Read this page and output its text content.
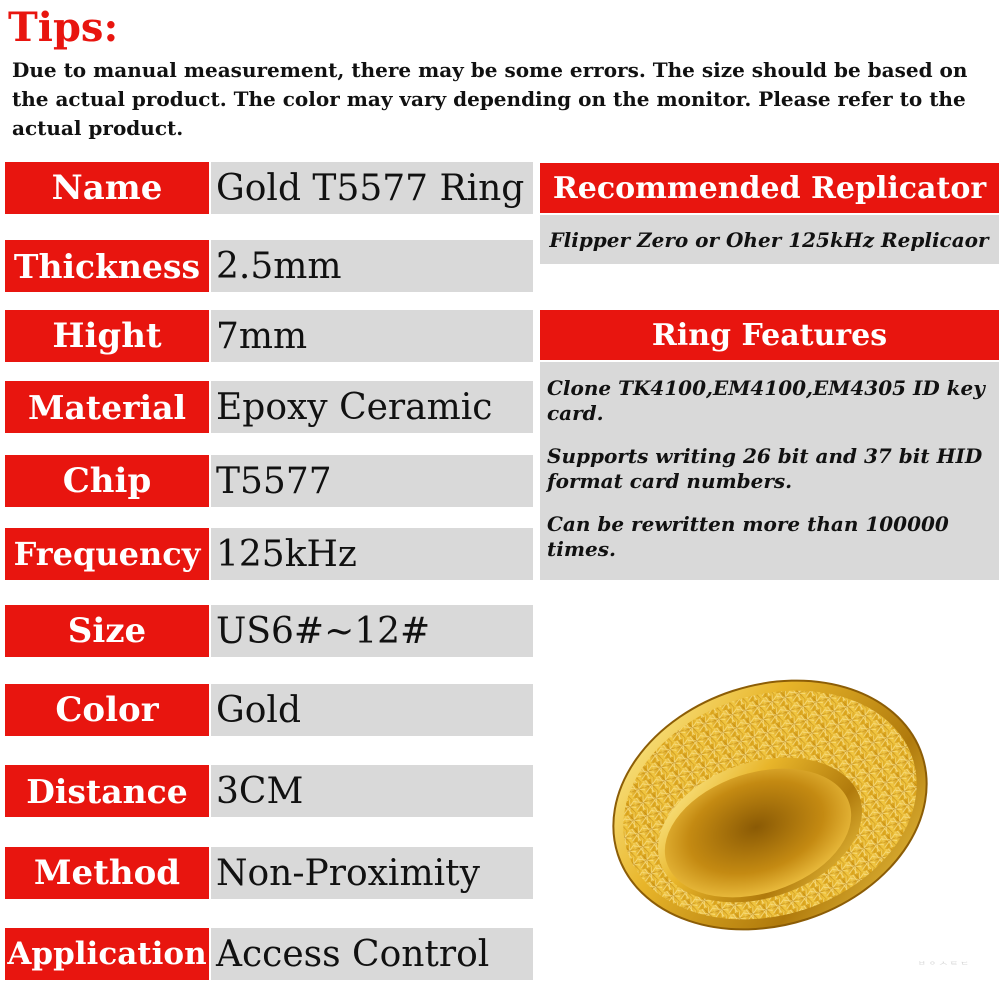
Tips:
Due to manual measurement, there may be some errors. The size should be based on the actual product. The color may vary depending on the monitor. Please refer to the actual product.
Name	Gold T5577 Ring
Thickness 2.5mm
Hight	7mm
Material Epoxy Ceramic
Chip	T5577
Frequency 125kHz
Size	US6#~12#
Color	Gold
Distance 3CM
Method Non-Proximity
Application Access Control
Recommended Replicator
Flipper Zero or Oher 125kHz Replicaor
Ring Features
Clone TK4100,EM4100,EM4305 ID key card.
Supports writing 26 bit and 37 bit HID format card numbers.
Can be rewritten more than 100000 times.
ᄇᄋᄉᄐᄃ
